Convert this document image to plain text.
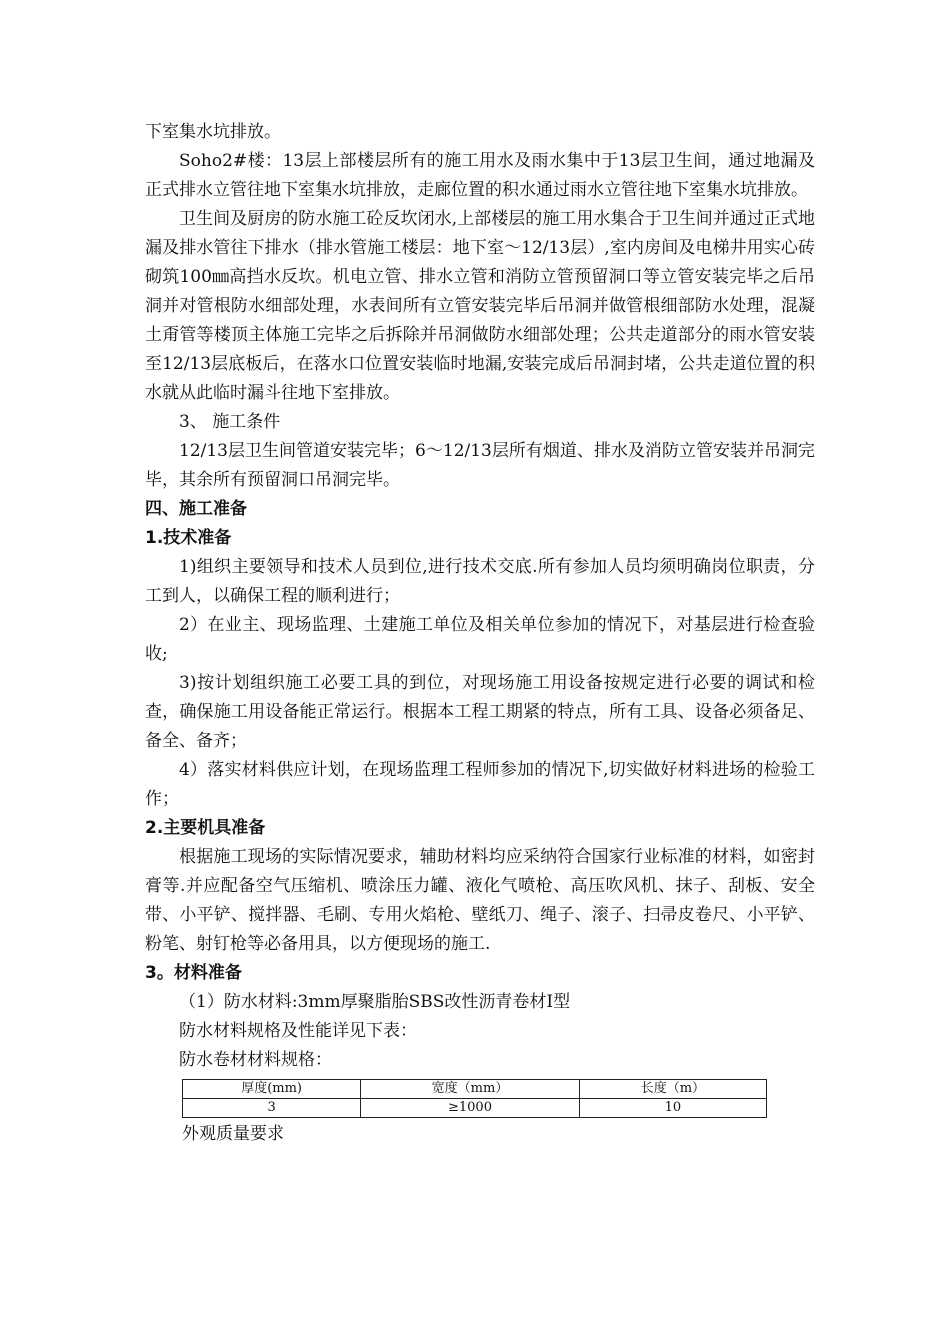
下室集水坑排放。

Soho2#楼：13层上部楼层所有的施工用水及雨水集中于13层卫生间，通过地漏及正式排水立管往地下室集水坑排放，走廊位置的积水通过雨水立管往地下室集水坑排放。

卫生间及厨房的防水施工砼反坎闭水,上部楼层的施工用水集合于卫生间并通过正式地漏及排水管往下排水（排水管施工楼层：地下室～12/13层）,室内房间及电梯井用实心砖砌筑100㎜高挡水反坎。机电立管、排水立管和消防立管预留洞口等立管安装完毕之后吊洞并对管根防水细部处理，水表间所有立管安装完毕后吊洞并做管根细部防水处理，混凝土甭管等楼顶主体施工完毕之后拆除并吊洞做防水细部处理；公共走道部分的雨水管安装至12/13层底板后，在落水口位置安装临时地漏,安装完成后吊洞封堵，公共走道位置的积水就从此临时漏斗往地下室排放。

3、 施工条件

12/13层卫生间管道安装完毕；6～12/13层所有烟道、排水及消防立管安装并吊洞完毕，其余所有预留洞口吊洞完毕。

四、施工准备

1.技术准备

1)组织主要领导和技术人员到位,进行技术交底.所有参加人员均须明确岗位职责，分工到人，以确保工程的顺利进行；

2）在业主、现场监理、土建施工单位及相关单位参加的情况下，对基层进行检查验收;

3)按计划组织施工必要工具的到位，对现场施工用设备按规定进行必要的调试和检查，确保施工用设备能正常运行。根据本工程工期紧的特点，所有工具、设备必须备足、备全、备齐；

4）落实材料供应计划，在现场监理工程师参加的情况下,切实做好材料进场的检验工作；

2.主要机具准备

根据施工现场的实际情况要求，辅助材料均应采纳符合国家行业标准的材料，如密封膏等.并应配备空气压缩机、喷涂压力罐、液化气喷枪、高压吹风机、抹子、刮板、安全带、小平铲、搅拌器、毛刷、专用火焰枪、壁纸刀、绳子、滚子、扫帚皮卷尺、小平铲、粉笔、射钉枪等必备用具，以方便现场的施工.

3。材料准备

（1）防水材料:3mm厚聚脂胎SBS改性沥青卷材Ⅰ型

防水材料规格及性能详见下表：

防水卷材材料规格：

厚度(mm)	宽度（mm）	长度（m）
3	≥1000	10

外观质量要求
